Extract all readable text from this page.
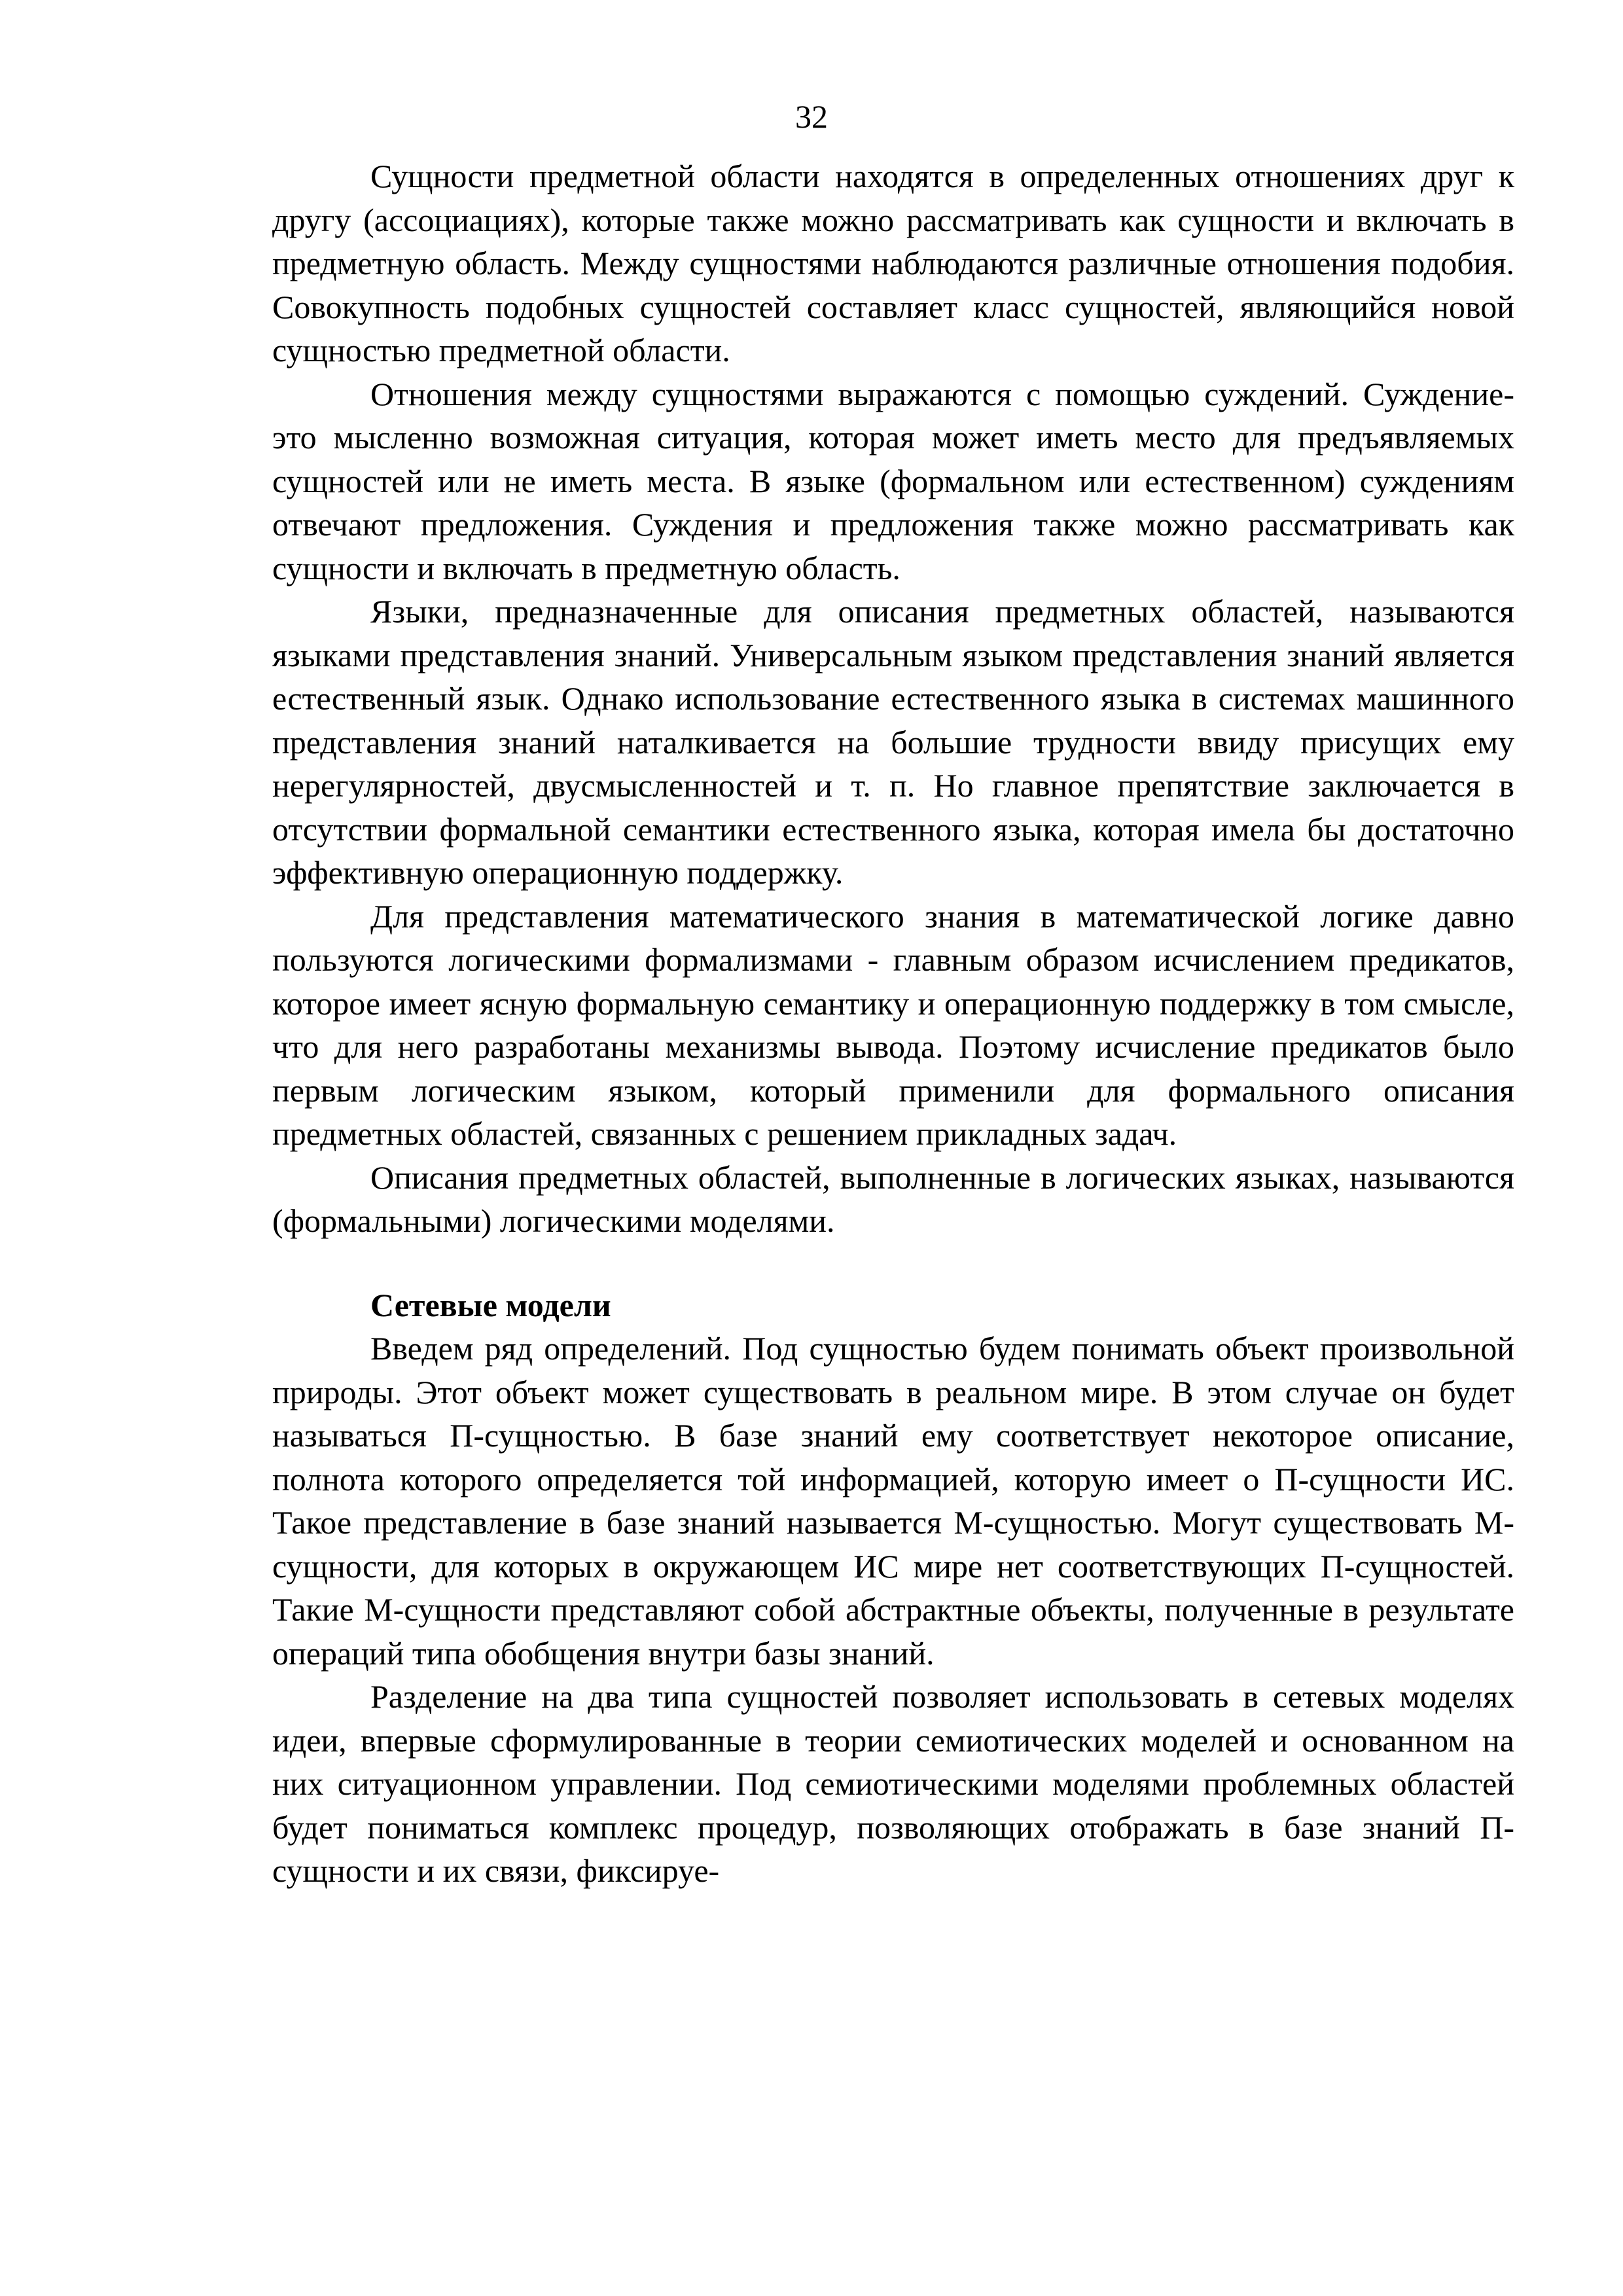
32

Сущности предметной области находятся в определенных отношениях друг к другу (ассоциациях), которые также можно рассматривать как сущности и включать в предметную область. Между сущностями наблюдаются различные отношения подобия. Совокупность подобных сущностей составляет класс сущностей, являющийся новой сущностью предметной области.

Отношения между сущностями выражаются с помощью суждений. Суждение-это мысленно возможная ситуация, которая может иметь место для предъявляемых сущностей или не иметь места. В языке (формальном или естественном) суждениям отвечают предложения. Суждения и предложения также можно рассматривать как сущности и включать в предметную область.

Языки, предназначенные для описания предметных областей, называются языками представления знаний. Универсальным языком представления знаний является естественный язык. Однако использование естественного языка в системах машинного представления знаний наталкивается на большие трудности ввиду присущих ему нерегулярностей, двусмысленностей и т. п. Но главное препятствие заключается в отсутствии формальной семантики естественного языка, которая имела бы достаточно эффективную операционную поддержку.

Для представления математического знания в математической логике давно пользуются логическими формализмами - главным образом исчислением предикатов, которое имеет ясную формальную семантику и операционную поддержку в том смысле, что для него разработаны механизмы вывода. Поэтому исчисление предикатов было первым логическим языком, который применили для формального описания предметных областей, связанных с решением прикладных задач.

Описания предметных областей, выполненные в логических языках, называются (формальными) логическими моделями.

Сетевые модели

Введем ряд определений. Под сущностью будем понимать объект произвольной природы. Этот объект может существовать в реальном мире. В этом случае он будет называться П-сущностью. В базе знаний ему соответствует некоторое описание, полнота которого определяется той информацией, которую имеет о П-сущности ИС. Такое представление в базе знаний называется М-сущностью. Могут существовать М-сущности, для которых в окружающем ИС мире нет соответствующих П-сущностей. Такие М-сущности представляют собой абстрактные объекты, полученные в результате операций типа обобщения внутри базы знаний.

Разделение на два типа сущностей позволяет использовать в сетевых моделях идеи, впервые сформулированные в теории семиотических моделей и основанном на них ситуационном управлении. Под семиотическими моделями проблемных областей будет пониматься комплекс процедур, позволяющих отображать в базе знаний П-сущности и их связи, фиксируе-
